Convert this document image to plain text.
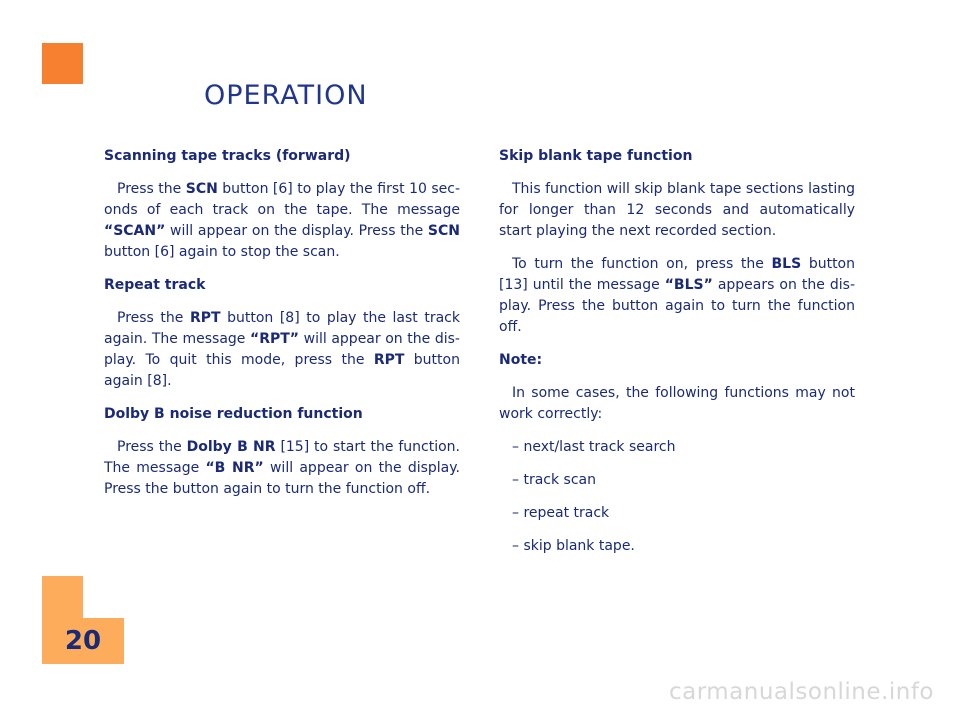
OPERATION
Scanning tape tracks (forward)

Press the SCN button [6] to play the first 10 sec- onds of each track on the tape. The message “SCAN” will appear on the display. Press the SCN button [6] again to stop the scan.

Repeat track

Press the RPT button [8] to play the last track again. The message “RPT” will appear on the dis- play. To quit this mode, press the RPT button again [8].

Dolby B noise reduction function

Press the Dolby B NR [15] to start the function. The message “B NR” will appear on the display. Press the button again to turn the function off.

Skip blank tape function

This function will skip blank tape sections lasting for longer than 12 seconds and automatically start playing the next recorded section.

To turn the function on, press the BLS button [13] until the message “BLS” appears on the dis- play. Press the button again to turn the function off.

Note:

In some cases, the following functions may not work correctly:

– next/last track search

– track scan

– repeat track

– skip blank tape.

20
carmanualsonline.info
